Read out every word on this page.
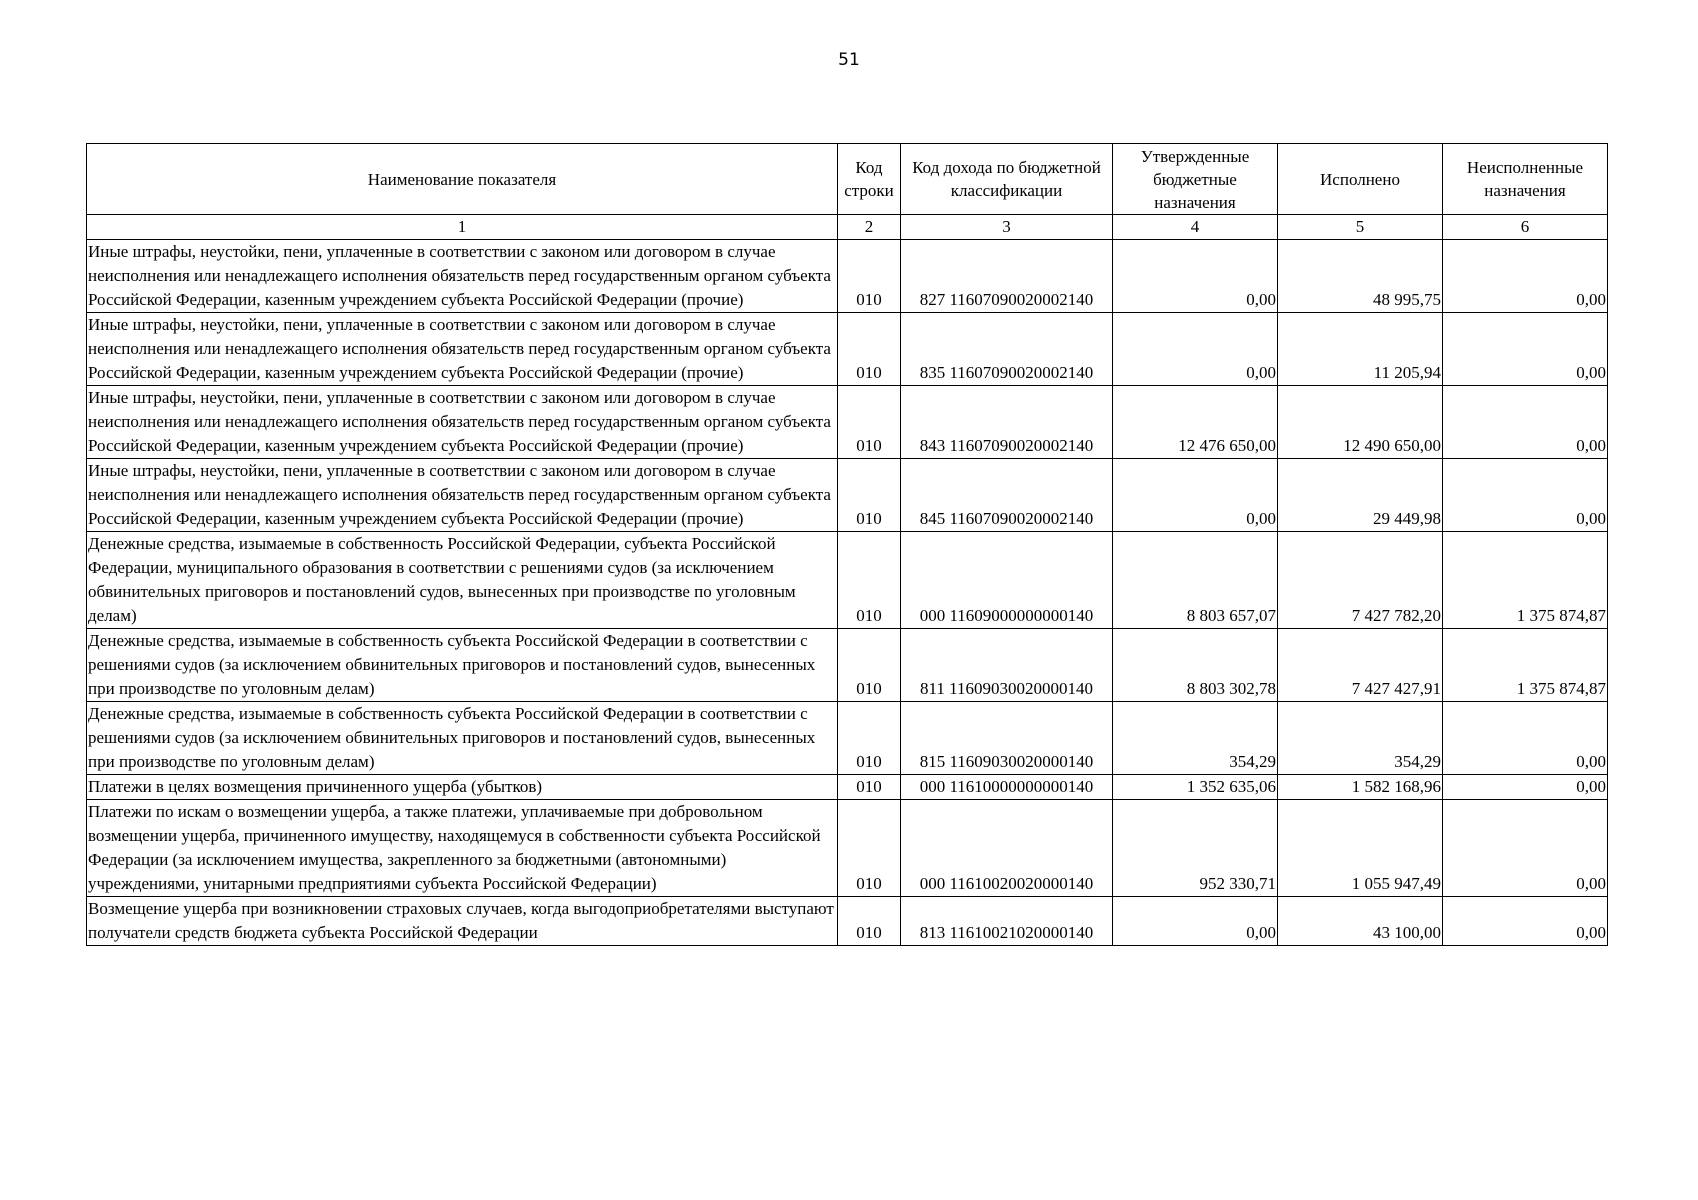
51
Наименование показателя	Код строки	Код дохода по бюджетной классификации	Утвержденные бюджетные назначения	Исполнено	Неисполненные назначения
1	2	3	4	5	6
Иные штрафы, неустойки, пени, уплаченные в соответствии с законом или договором в случае неисполнения или ненадлежащего исполнения обязательств перед государственным органом субъекта Российской Федерации, казенным учреждением субъекта Российской Федерации (прочие)	010	827 11607090020002140	0,00	48 995,75	0,00
Иные штрафы, неустойки, пени, уплаченные в соответствии с законом или договором в случае неисполнения или ненадлежащего исполнения обязательств перед государственным органом субъекта Российской Федерации, казенным учреждением субъекта Российской Федерации (прочие)	010	835 11607090020002140	0,00	11 205,94	0,00
Иные штрафы, неустойки, пени, уплаченные в соответствии с законом или договором в случае неисполнения или ненадлежащего исполнения обязательств перед государственным органом субъекта Российской Федерации, казенным учреждением субъекта Российской Федерации (прочие)	010	843 11607090020002140	12 476 650,00	12 490 650,00	0,00
Иные штрафы, неустойки, пени, уплаченные в соответствии с законом или договором в случае неисполнения или ненадлежащего исполнения обязательств перед государственным органом субъекта Российской Федерации, казенным учреждением субъекта Российской Федерации (прочие)	010	845 11607090020002140	0,00	29 449,98	0,00
Денежные средства, изымаемые в собственность Российской Федерации, субъекта Российской Федерации, муниципального образования в соответствии с решениями судов (за исключением обвинительных приговоров и постановлений судов, вынесенных при производстве по уголовным делам)	010	000 11609000000000140	8 803 657,07	7 427 782,20	1 375 874,87
Денежные средства, изымаемые в собственность субъекта Российской Федерации в соответствии с решениями судов (за исключением обвинительных приговоров и постановлений судов, вынесенных при производстве по уголовным делам)	010	811 11609030020000140	8 803 302,78	7 427 427,91	1 375 874,87
Денежные средства, изымаемые в собственность субъекта Российской Федерации в соответствии с решениями судов (за исключением обвинительных приговоров и постановлений судов, вынесенных при производстве по уголовным делам)	010	815 11609030020000140	354,29	354,29	0,00
Платежи в целях возмещения причиненного ущерба (убытков)	010	000 11610000000000140	1 352 635,06	1 582 168,96	0,00
Платежи по искам о возмещении ущерба, а также платежи, уплачиваемые при добровольном возмещении ущерба, причиненного имуществу, находящемуся в собственности субъекта Российской Федерации (за исключением имущества, закрепленного за бюджетными (автономными) учреждениями, унитарными предприятиями субъекта Российской Федерации)	010	000 11610020020000140	952 330,71	1 055 947,49	0,00
Возмещение ущерба при возникновении страховых случаев, когда выгодоприобретателями выступают получатели средств бюджета субъекта Российской Федерации	010	813 11610021020000140	0,00	43 100,00	0,00
